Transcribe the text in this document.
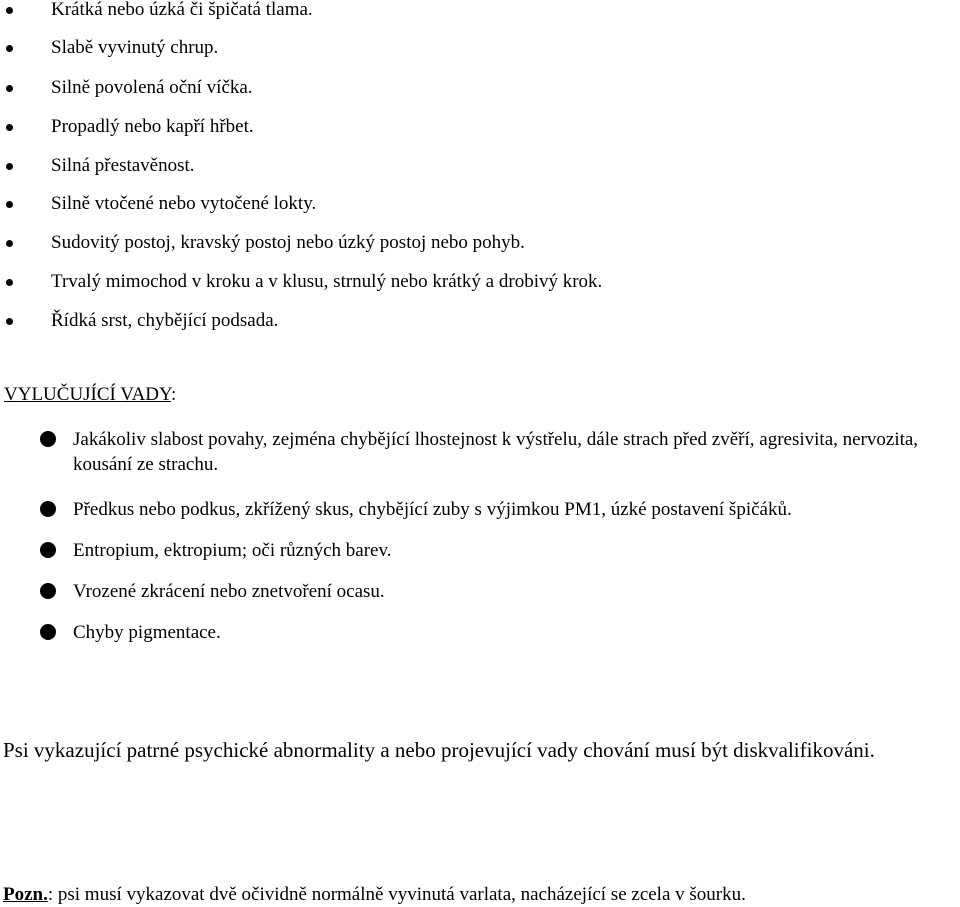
Krátká nebo úzká či špičatá tlama.
Slabě vyvinutý chrup.
Silně povolená oční víčka.
Propadlý nebo kapří hřbet.
Silná přestavěnost.
Silně vtočené nebo vytočené lokty.
Sudovitý postoj, kravský postoj nebo úzký postoj nebo pohyb.
Trvalý mimochod v kroku a v klusu, strnulý nebo krátký a drobivý krok.
Řídká srst, chybějící podsada.
VYLUČUJÍCÍ VADY:
Jakákoliv slabost povahy, zejména chybějící lhostejnost k výstřelu, dále strach před zvěří, agresivita, nervozita, kousání ze strachu.
Předkus nebo podkus, zkřížený skus, chybějící zuby s výjimkou PM1, úzké postavení špičáků.
Entropium, ektropium; oči různých barev.
Vrozené zkrácení nebo znetvoření ocasu.
Chyby pigmentace.
Psi vykazující patrné psychické abnormality a nebo projevující vady chování musí být diskvalifikováni.
Pozn.: psi musí vykazovat dvě očividně normálně vyvinutá varlata, nacházející se zcela v šourku.
